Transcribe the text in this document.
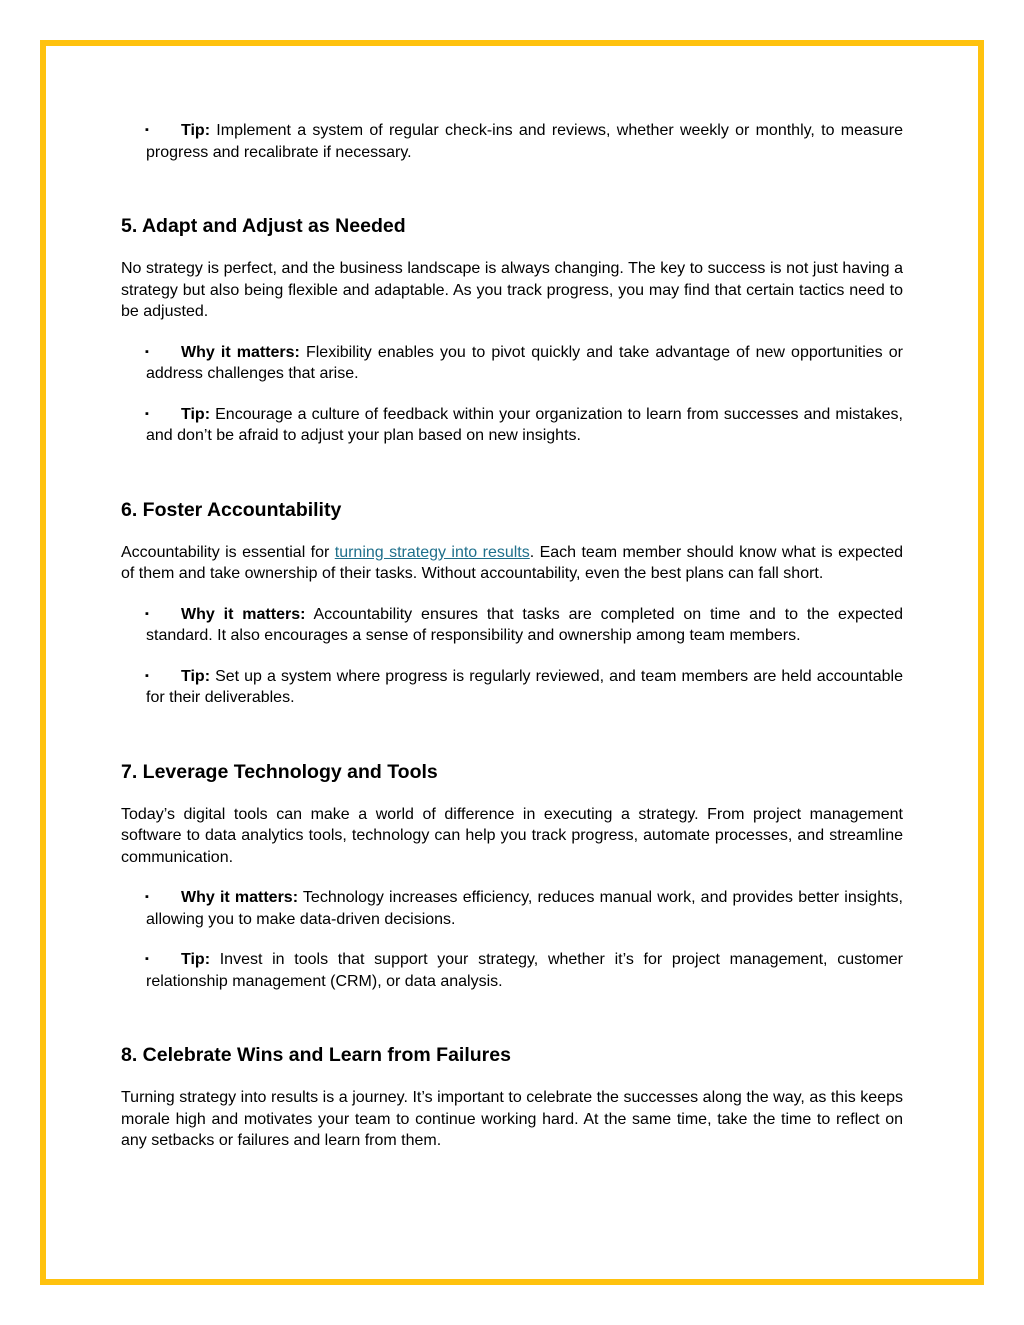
▪	Tip: Implement a system of regular check-ins and reviews, whether weekly or monthly, to measure progress and recalibrate if necessary.
5. Adapt and Adjust as Needed

No strategy is perfect, and the business landscape is always changing. The key to success is not just having a strategy but also being flexible and adaptable. As you track progress, you may find that certain tactics need to be adjusted.

▪	Why it matters: Flexibility enables you to pivot quickly and take advantage of new opportunities or address challenges that arise.
▪	Tip: Encourage a culture of feedback within your organization to learn from successes and mistakes, and don’t be afraid to adjust your plan based on new insights.
6. Foster Accountability

Accountability is essential for turning strategy into results. Each team member should know what is expected of them and take ownership of their tasks. Without accountability, even the best plans can fall short.

▪	Why it matters: Accountability ensures that tasks are completed on time and to the expected standard. It also encourages a sense of responsibility and ownership among team members.
▪	Tip: Set up a system where progress is regularly reviewed, and team members are held accountable for their deliverables.
7. Leverage Technology and Tools

Today’s digital tools can make a world of difference in executing a strategy. From project management software to data analytics tools, technology can help you track progress, automate processes, and streamline communication.

▪	Why it matters: Technology increases efficiency, reduces manual work, and provides better insights, allowing you to make data-driven decisions.
▪	Tip: Invest in tools that support your strategy, whether it’s for project management, customer relationship management (CRM), or data analysis.
8. Celebrate Wins and Learn from Failures

Turning strategy into results is a journey. It’s important to celebrate the successes along the way, as this keeps morale high and motivates your team to continue working hard. At the same time, take the time to reflect on any setbacks or failures and learn from them.
